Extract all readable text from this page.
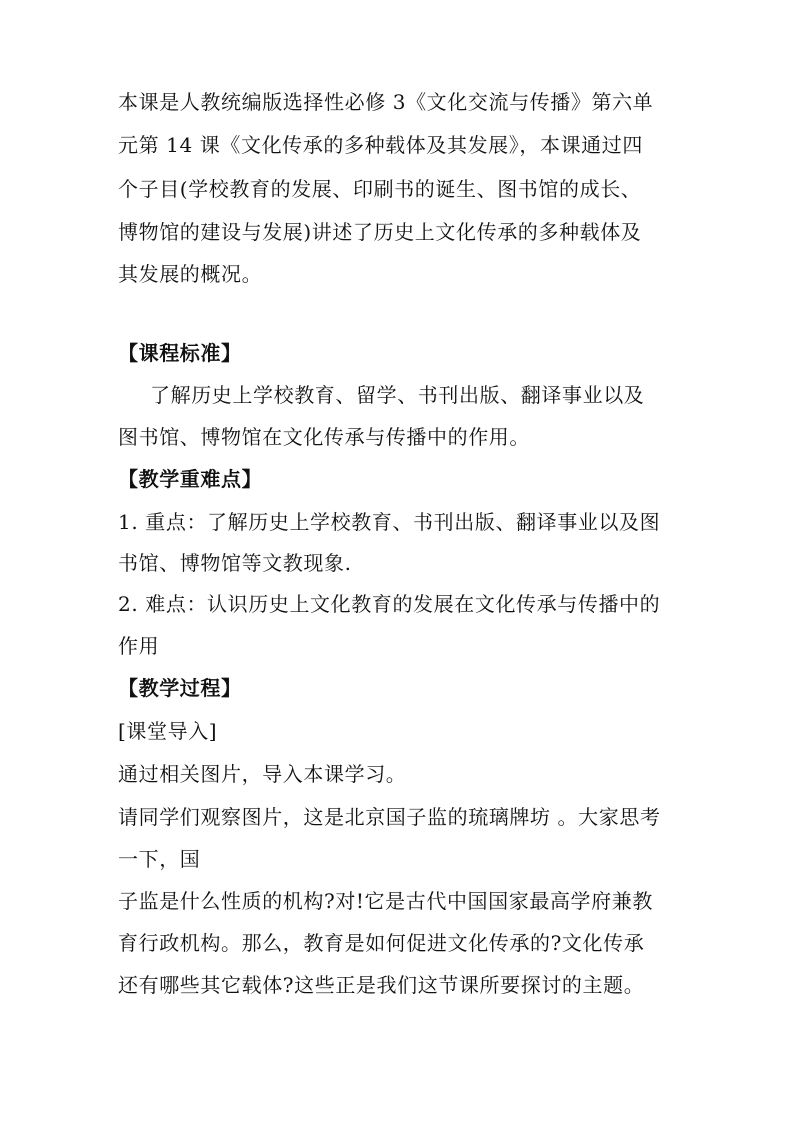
本课是人教统编版选择性必修 3《文化交流与传播》第六单
元第 14 课《文化传承的多种载体及其发展》，本课通过四
个子目(学校教育的发展、印刷书的诞生、图书馆的成长、
博物馆的建设与发展)讲述了历史上文化传承的多种载体及
其发展的概况。
【课程标准】
了解历史上学校教育、留学、书刊出版、翻译事业以及
图书馆、博物馆在文化传承与传播中的作用。
【教学重难点】
1. 重点：了解历史上学校教育、书刊出版、翻译事业以及图
书馆、博物馆等文教现象.
2. 难点：认识历史上文化教育的发展在文化传承与传播中的
作用
【教学过程】
[课堂导入]
通过相关图片，导入本课学习。
请同学们观察图片，这是北京国子监的琉璃牌坊 。大家思考
一下，国
子监是什么性质的机构?对!它是古代中国国家最高学府兼教
育行政机构。那么，教育是如何促进文化传承的?文化传承
还有哪些其它载体?这些正是我们这节课所要探讨的主题。
